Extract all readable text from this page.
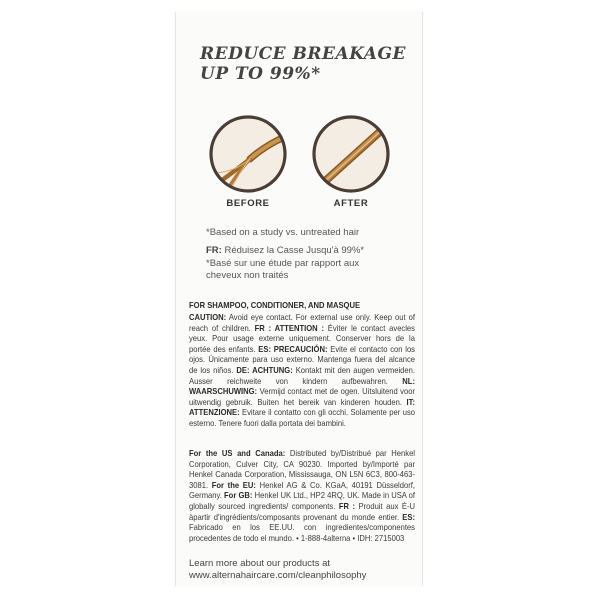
REDUCE BREAKAGE
UP TO 99%*
BEFORE	AFTER
*Based on a study vs. untreated hair
FR: Réduisez la Casse Jusqu'à 99%*
*Basé sur une étude par rapport aux
cheveux non traités
FOR SHAMPOO, CONDITIONER, AND MASQUE
CAUTION: Avoid eye contact. For external use only. Keep out of reach of children. FR : ATTENTION : Éviter le contact avecles yeux. Pour usage externe uniquement. Conserver hors de la portée des enfants. ES: PRECAUCIÓN: Evite el contacto con los ojos. Únicamente para uso externo. Mantenga fuera del alcance de los niños. DE: ACHTUNG: Kontakt mit den augen vermeiden. Ausser reichweite von kindern aufbewahren. NL: WAARSCHUWING: Vermijd contact met de ogen. Uitsluitend voor uitwendig gebruik. Buiten het bereik van kinderen houden. IT: ATTENZIONE: Evitare il contatto con gli occhi. Solamente per uso esterno. Tenere fuori dalla portata dei bambini.
For the US and Canada: Distributed by/Distribué par Henkel Corporation, Culver City, CA 90230. Imported by/Importé par Henkel Canada Corporation, Mississauga, ON L5N 6C3, 800-463-3081. For the EU: Henkel AG & Co. KGaA, 40191 Düsseldorf, Germany. For GB: Henkel UK Ltd., HP2 4RQ, UK. Made in USA of globally sourced ingredients/ components. FR : Produit aux É-U àpartir d'ingrédients/composants provenant du monde entier. ES: Fabricado en los EE.UU. con ingredientes/componentes procedentes de todo el mundo. • 1-888-4alterna • IDH: 2715003
Learn more about our products at
www.alternahaircare.com/cleanphilosophy
